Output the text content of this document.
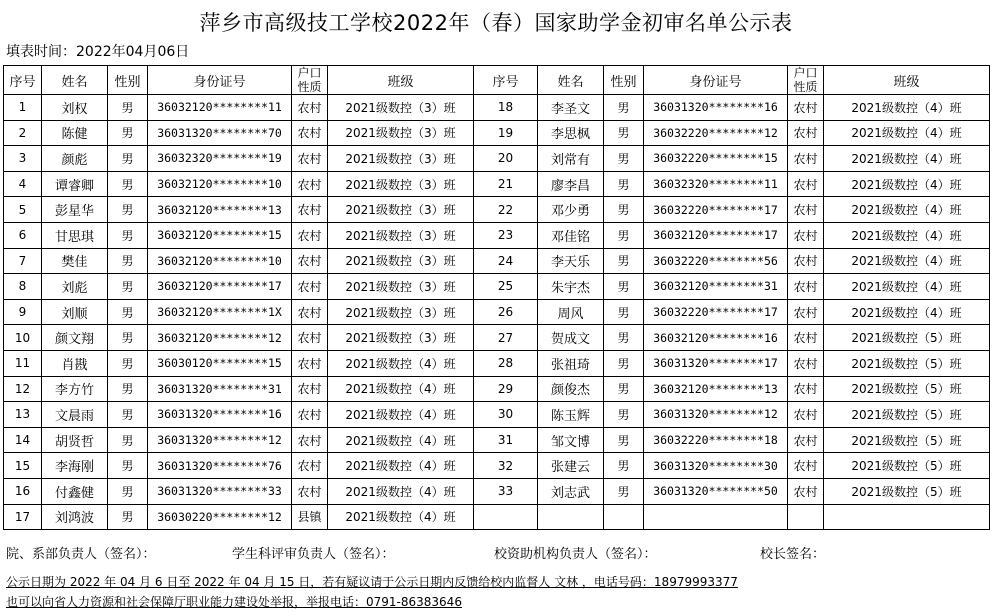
萍乡市高级技工学校2022年（春）国家助学金初审名单公示表
填表时间：2022年04月06日
序号	姓名	性别	身份证号	户口性质	班级	序号	姓名	性别	身份证号	户口性质	班级
1	刘权	男	36032120********11	农村	2021级数控（3）班	18	李圣文	男	36031320********16	农村	2021级数控（4）班
2	陈健	男	36031320********70	农村	2021级数控（3）班	19	李思枫	男	36032220********12	农村	2021级数控（4）班
3	颜彪	男	36032320********19	农村	2021级数控（3）班	20	刘常有	男	36032220********15	农村	2021级数控（4）班
4	谭睿卿	男	36032120********10	农村	2021级数控（3）班	21	廖李昌	男	36032320********11	农村	2021级数控（4）班
5	彭星华	男	36032120********13	农村	2021级数控（3）班	22	邓少勇	男	36032220********17	农村	2021级数控（4）班
6	甘思琪	男	36032120********15	农村	2021级数控（3）班	23	邓佳铭	男	36032120********17	农村	2021级数控（4）班
7	樊佳	男	36032120********10	农村	2021级数控（3）班	24	李天乐	男	36032220********56	农村	2021级数控（4）班
8	刘彪	男	36032120********17	农村	2021级数控（3）班	25	朱宇杰	男	36032120********31	农村	2021级数控（4）班
9	刘顺	男	36032120********1X	农村	2021级数控（3）班	26	周风	男	36032220********17	农村	2021级数控（4）班
10	颜文翔	男	36032120********12	农村	2021级数控（3）班	27	贺成文	男	36032120********16	农村	2021级数控（5）班
11	肖戡	男	36030120********15	农村	2021级数控（4）班	28	张祖琦	男	36031320********17	农村	2021级数控（5）班
12	李方竹	男	36031320********31	农村	2021级数控（4）班	29	颜俊杰	男	36032120********13	农村	2021级数控（5）班
13	文晨雨	男	36031320********16	农村	2021级数控（4）班	30	陈玉辉	男	36031320********12	农村	2021级数控（5）班
14	胡贤哲	男	36031320********12	农村	2021级数控（4）班	31	邹文博	男	36032220********18	农村	2021级数控（5）班
15	李海刚	男	36031320********76	农村	2021级数控（4）班	32	张建云	男	36031320********30	农村	2021级数控（5）班
16	付鑫健	男	36031320********33	农村	2021级数控（4）班	33	刘志武	男	36031320********50	农村	2021级数控（5）班
17	刘鸿波	男	36030220********12	县镇	2021级数控（4）班						
院、系部负责人（签名）：	学生科评审负责人（签名）：	校资助机构负责人（签名）：	校长签名：
公示日期为 2022 年 04 月 6 日至 2022 年 04 月 15 日，若有疑议请于公示日期内反馈给校内监督人 文林 ，电话号码：18979993377
也可以向省人力资源和社会保障厅职业能力建设处举报，举报电话：0791-86383646
